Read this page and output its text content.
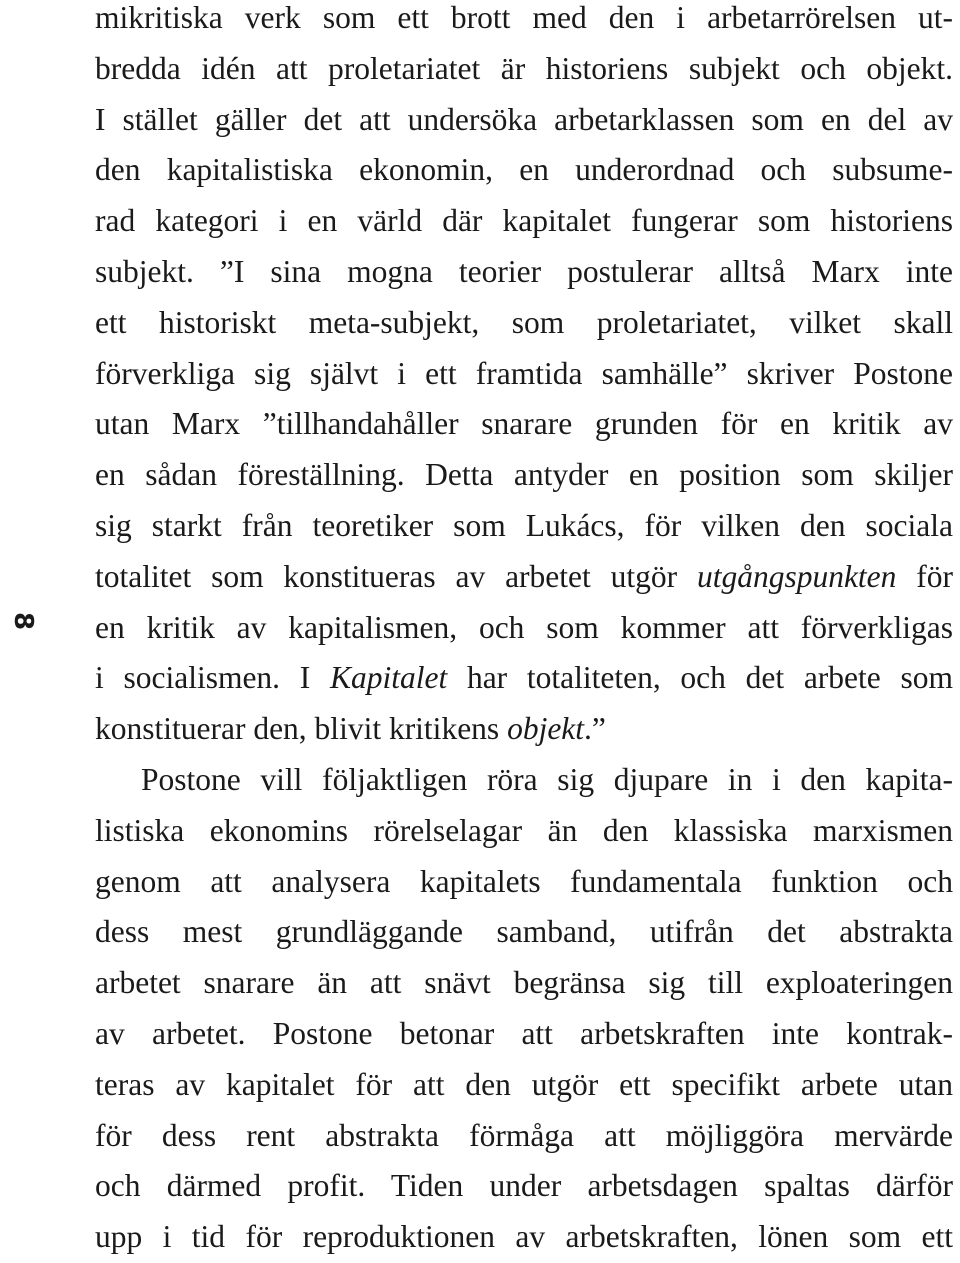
8
mikritiska verk som ett brott med den i arbetarrörelsen ut-
bredda idén att proletariatet är historiens subjekt och objekt.
I stället gäller det att undersöka arbetarklassen som en del av
den kapitalistiska ekonomin, en underordnad och subsume-
rad kategori i en värld där kapitalet fungerar som historiens
subjekt. ”I sina mogna teorier postulerar alltså Marx inte
ett historiskt meta-subjekt, som proletariatet, vilket skall
förverkliga sig självt i ett framtida samhälle” skriver Postone
utan Marx ”tillhandahåller snarare grunden för en kritik av
en sådan föreställning. Detta antyder en position som skiljer
sig starkt från teoretiker som Lukács, för vilken den sociala
totalitet som konstitueras av arbetet utgör utgångspunkten för
en kritik av kapitalismen, och som kommer att förverkligas
i socialismen. I Kapitalet har totaliteten, och det arbete som
konstituerar den, blivit kritikens objekt.”
Postone vill följaktligen röra sig djupare in i den kapita-
listiska ekonomins rörelselagar än den klassiska marxismen
genom att analysera kapitalets fundamentala funktion och
dess mest grundläggande samband, utifrån det abstrakta
arbetet snarare än att snävt begränsa sig till exploateringen
av arbetet. Postone betonar att arbetskraften inte kontrak-
teras av kapitalet för att den utgör ett specifikt arbete utan
för dess rent abstrakta förmåga att möjliggöra mervärde
och därmed profit. Tiden under arbetsdagen spaltas därför
upp i tid för reproduktionen av arbetskraften, lönen som ett
